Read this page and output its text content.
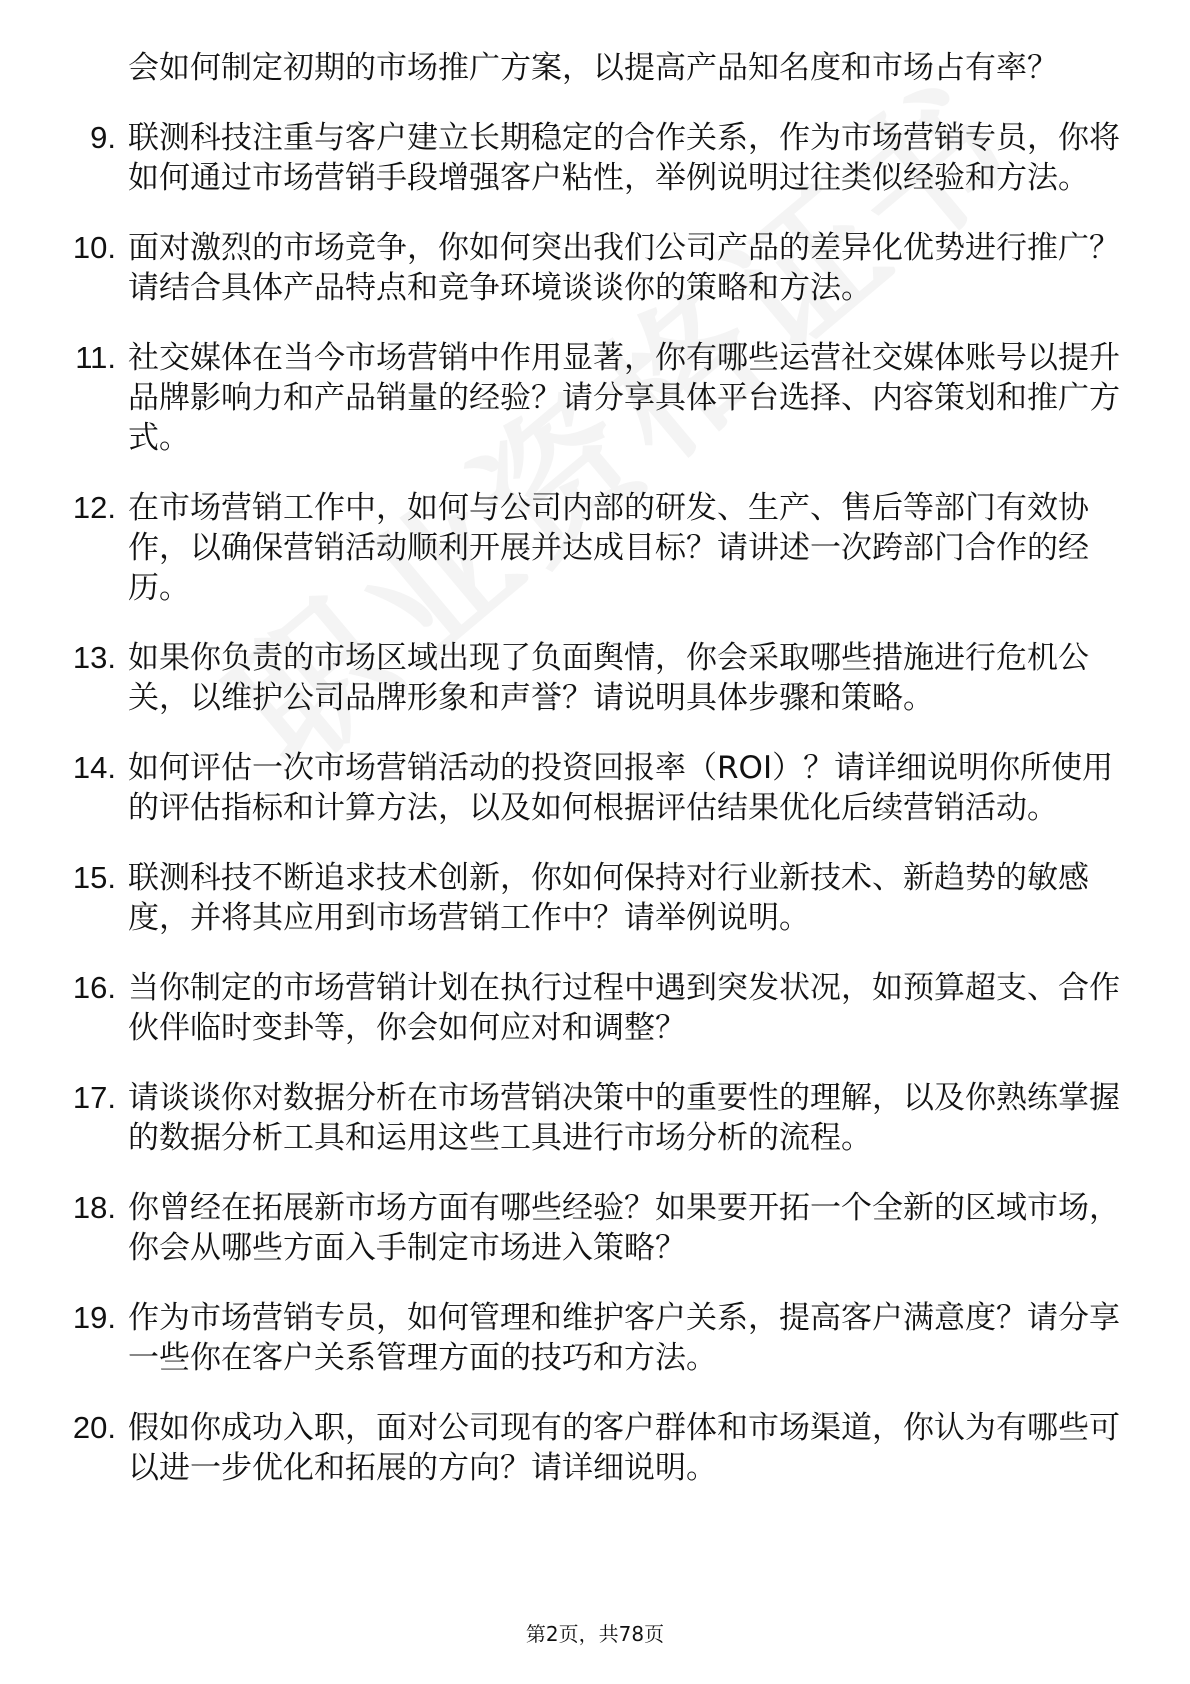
会如何制定初期的市场推广方案，以提高产品知名度和市场占有率？
9. 联测科技注重与客户建立长期稳定的合作关系，作为市场营销专员，你将如何通过市场营销手段增强客户粘性，举例说明过往类似经验和方法。
10. 面对激烈的市场竞争，你如何突出我们公司产品的差异化优势进行推广？请结合具体产品特点和竞争环境谈谈你的策略和方法。
11. 社交媒体在当今市场营销中作用显著，你有哪些运营社交媒体账号以提升品牌影响力和产品销量的经验？请分享具体平台选择、内容策划和推广方式。
12. 在市场营销工作中，如何与公司内部的研发、生产、售后等部门有效协作，以确保营销活动顺利开展并达成目标？请讲述一次跨部门合作的经历。
13. 如果你负责的市场区域出现了负面舆情，你会采取哪些措施进行危机公关，以维护公司品牌形象和声誉？请说明具体步骤和策略。
14. 如何评估一次市场营销活动的投资回报率（ROI）？请详细说明你所使用的评估指标和计算方法，以及如何根据评估结果优化后续营销活动。
15. 联测科技不断追求技术创新，你如何保持对行业新技术、新趋势的敏感度，并将其应用到市场营销工作中？请举例说明。
16. 当你制定的市场营销计划在执行过程中遇到突发状况，如预算超支、合作伙伴临时变卦等，你会如何应对和调整？
17. 请谈谈你对数据分析在市场营销决策中的重要性的理解，以及你熟练掌握的数据分析工具和运用这些工具进行市场分析的流程。
18. 你曾经在拓展新市场方面有哪些经验？如果要开拓一个全新的区域市场，你会从哪些方面入手制定市场进入策略？
19. 作为市场营销专员，如何管理和维护客户关系，提高客户满意度？请分享一些你在客户关系管理方面的技巧和方法。
20. 假如你成功入职，面对公司现有的客户群体和市场渠道，你认为有哪些可以进一步优化和拓展的方向？请详细说明。
第2页，共78页
